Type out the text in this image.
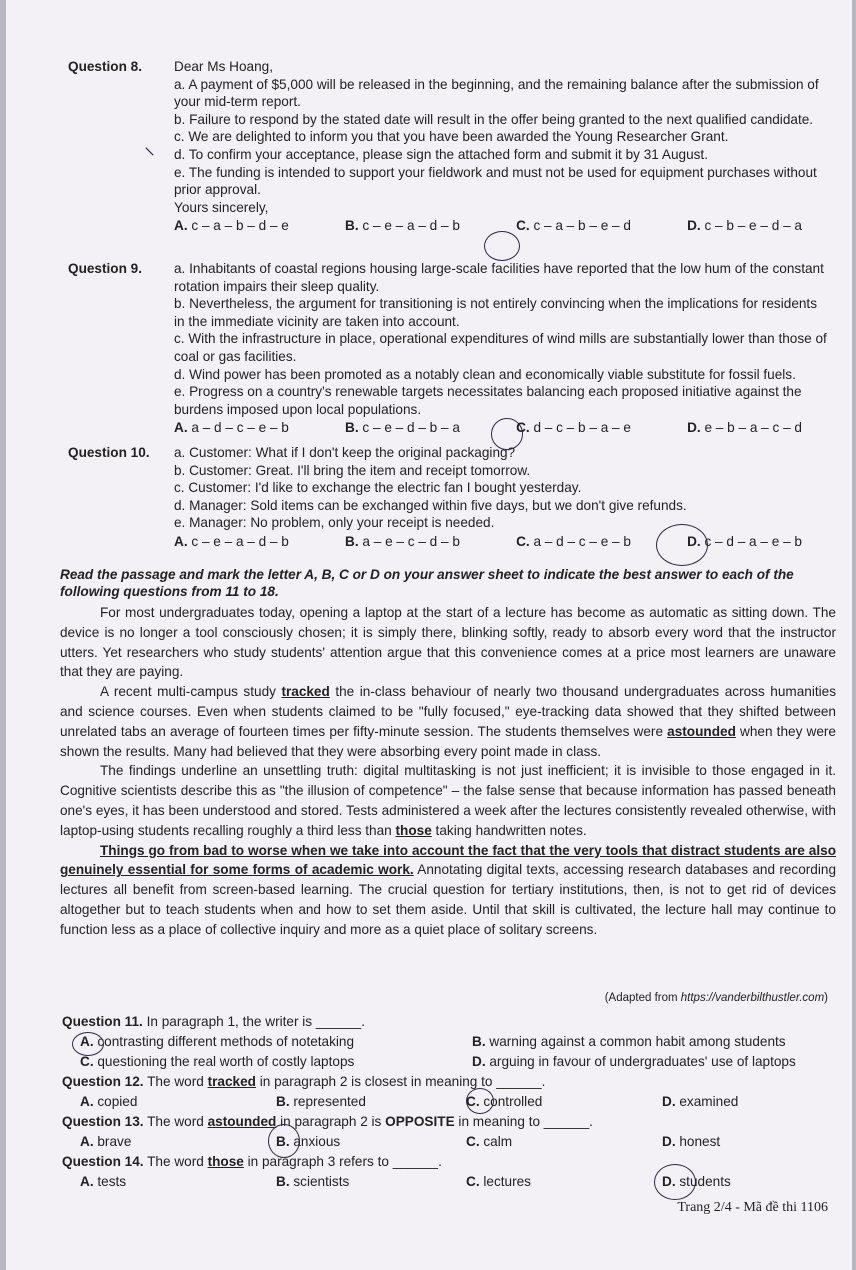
Question 8.	Dear Ms Hoang,
a. A payment of $5,000 will be released in the beginning, and the remaining balance after the submission of your mid-term report.
b. Failure to respond by the stated date will result in the offer being granted to the next qualified candidate.
c. We are delighted to inform you that you have been awarded the Young Researcher Grant.
d. To confirm your acceptance, please sign the attached form and submit it by 31 August.
e. The funding is intended to support your fieldwork and must not be used for equipment purchases without prior approval.
Yours sincerely,
A. c – a – b – d – e	B. c – e – a – d – b	C. c – a – b – e – d	D. c – b – e – d – a
Question 9.	a. Inhabitants of coastal regions housing large-scale facilities have reported that the low hum of the constant rotation impairs their sleep quality.
b. Nevertheless, the argument for transitioning is not entirely convincing when the implications for residents in the immediate vicinity are taken into account.
c. With the infrastructure in place, operational expenditures of wind mills are substantially lower than those of coal or gas facilities.
d. Wind power has been promoted as a notably clean and economically viable substitute for fossil fuels.
e. Progress on a country's renewable targets necessitates balancing each proposed initiative against the burdens imposed upon local populations.
A. a – d – c – e – b	B. c – e – d – b – a	C. d – c – b – a – e	D. e – b – a – c – d
Question 10.	a. Customer: What if I don't keep the original packaging?
b. Customer: Great. I'll bring the item and receipt tomorrow.
c. Customer: I'd like to exchange the electric fan I bought yesterday.
d. Manager: Sold items can be exchanged within five days, but we don't give refunds.
e. Manager: No problem, only your receipt is needed.
A. c – e – a – d – b	B. a – e – c – d – b	C. a – d – c – e – b	D. c – d – a – e – b
Read the passage and mark the letter A, B, C or D on your answer sheet to indicate the best answer to each of the following questions from 11 to 18.

For most undergraduates today, opening a laptop at the start of a lecture has become as automatic as sitting down. The device is no longer a tool consciously chosen; it is simply there, blinking softly, ready to absorb every word that the instructor utters. Yet researchers who study students' attention argue that this convenience comes at a price most learners are unaware that they are paying.

A recent multi-campus study tracked the in-class behaviour of nearly two thousand undergraduates across humanities and science courses. Even when students claimed to be "fully focused," eye-tracking data showed that they shifted between unrelated tabs an average of fourteen times per fifty-minute session. The students themselves were astounded when they were shown the results. Many had believed that they were absorbing every point made in class.

The findings underline an unsettling truth: digital multitasking is not just inefficient; it is invisible to those engaged in it. Cognitive scientists describe this as "the illusion of competence" – the false sense that because information has passed beneath one's eyes, it has been understood and stored. Tests administered a week after the lectures consistently revealed otherwise, with laptop-using students recalling roughly a third less than those taking handwritten notes.

Things go from bad to worse when we take into account the fact that the very tools that distract students are also genuinely essential for some forms of academic work. Annotating digital texts, accessing research databases and recording lectures all benefit from screen-based learning. The crucial question for tertiary institutions, then, is not to get rid of devices altogether but to teach students when and how to set them aside. Until that skill is cultivated, the lecture hall may continue to function less as a place of collective inquiry and more as a quiet place of solitary screens.

(Adapted from https://vanderbilthustler.com)
Question 11. In paragraph 1, the writer is ______.
A. contrasting different methods of notetaking	B. warning against a common habit among students
C. questioning the real worth of costly laptops	D. arguing in favour of undergraduates' use of laptops
Question 12. The word tracked in paragraph 2 is closest in meaning to ______.
A. copied	B. represented	C. controlled	D. examined
Question 13. The word astounded in paragraph 2 is OPPOSITE in meaning to ______.
A. brave	B. anxious	C. calm	D. honest
Question 14. The word those in paragraph 3 refers to ______.
A. tests	B. scientists	C. lectures	D. students
Trang 2/4 - Mã đề thi 1106
⸌
